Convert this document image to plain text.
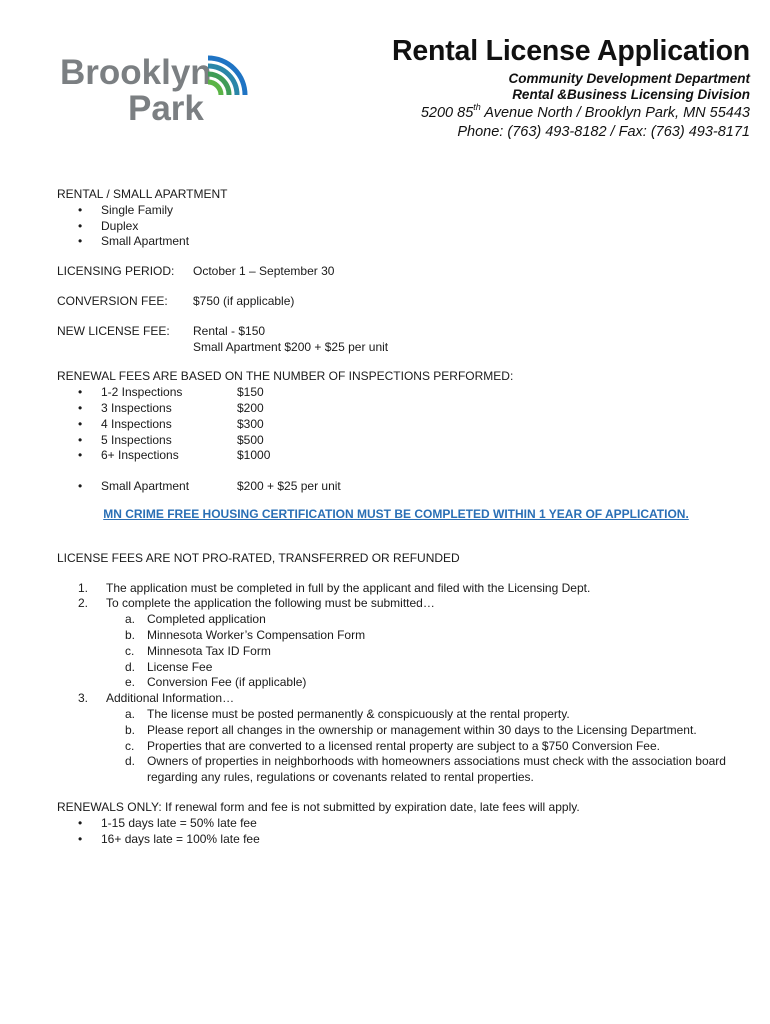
Brooklyn
Park
Rental License Application
Community Development Department
Rental &Business Licensing Division
5200 85th Avenue North / Brooklyn Park, MN 55443
Phone: (763) 493-8182 / Fax: (763) 493-8171
RENTAL / SMALL APARTMENT
• Single Family
• Duplex
• Small Apartment
LICENSING PERIOD:	October 1 – September 30
CONVERSION FEE:	$750 (if applicable)
NEW LICENSE FEE:	Rental - $150
Small Apartment $200 + $25 per unit
RENEWAL FEES ARE BASED ON THE NUMBER OF INSPECTIONS PERFORMED:
• 1-2 Inspections	$150
• 3 Inspections	$200
• 4 Inspections	$300
• 5 Inspections	$500
• 6+ Inspections	$1000
• Small Apartment	$200 + $25 per unit
MN CRIME FREE HOUSING CERTIFICATION MUST BE COMPLETED WITHIN 1 YEAR OF APPLICATION.
LICENSE FEES ARE NOT PRO-RATED, TRANSFERRED OR REFUNDED
1. The application must be completed in full by the applicant and filed with the Licensing Dept.
2. To complete the application the following must be submitted…
a. Completed application
b. Minnesota Worker’s Compensation Form
c. Minnesota Tax ID Form
d. License Fee
e. Conversion Fee (if applicable)
3. Additional Information…
a. The license must be posted permanently & conspicuously at the rental property.
b. Please report all changes in the ownership or management within 30 days to the Licensing Department.
c. Properties that are converted to a licensed rental property are subject to a $750 Conversion Fee.
d. Owners of properties in neighborhoods with homeowners associations must check with the association board regarding any rules, regulations or covenants related to rental properties.
RENEWALS ONLY: If renewal form and fee is not submitted by expiration date, late fees will apply.
• 1-15 days late = 50% late fee
• 16+ days late = 100% late fee
